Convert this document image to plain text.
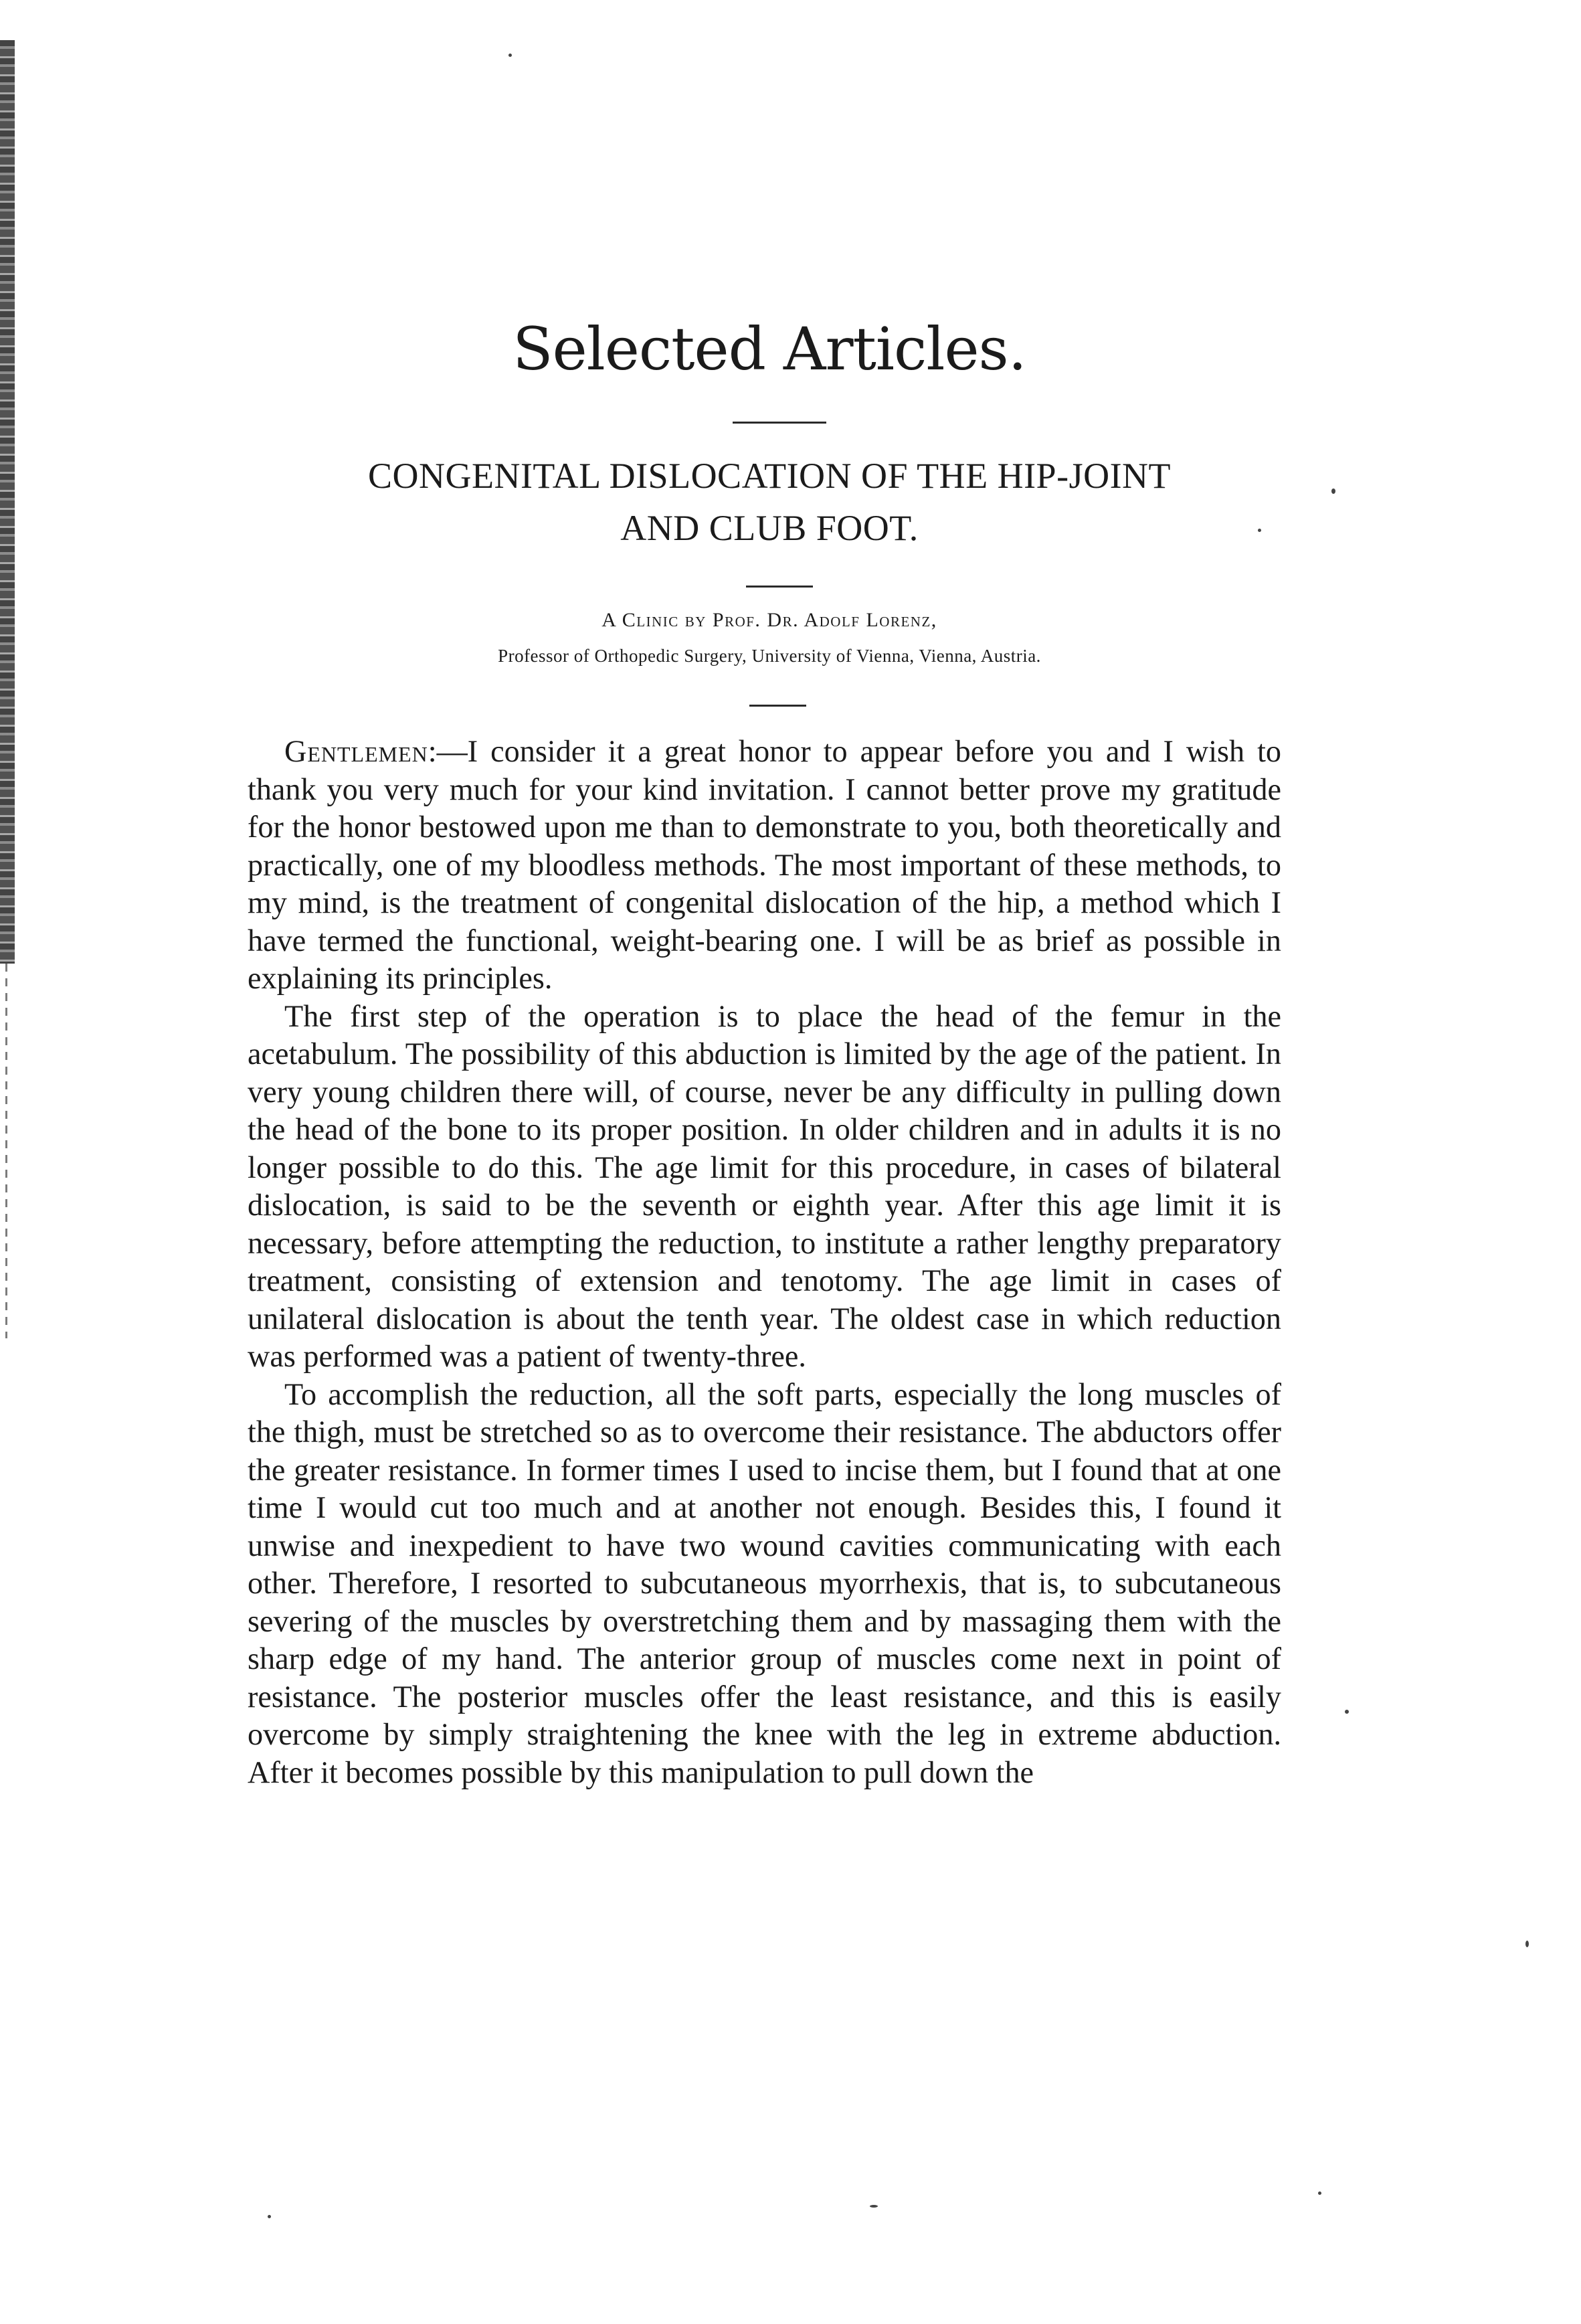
Selected Articles.
CONGENITAL DISLOCATION OF THE HIP-JOINT
AND CLUB FOOT.
A Clinic by Prof. Dr. Adolf Lorenz,
Professor of Orthopedic Surgery, University of Vienna, Vienna, Austria.

Gentlemen:—I consider it a great honor to appear before you and I wish to thank you very much for your kind invitation. I cannot better prove my gratitude for the honor bestowed upon me than to demonstrate to you, both theoretically and practically, one of my bloodless methods. The most important of these methods, to my mind, is the treatment of congenital dislocation of the hip, a method which I have termed the functional, weight-bearing one. I will be as brief as possible in explaining its principles.

The first step of the operation is to place the head of the femur in the acetabulum. The possibility of this abduction is limited by the age of the patient. In very young children there will, of course, never be any difficulty in pulling down the head of the bone to its proper position. In older children and in adults it is no longer possible to do this. The age limit for this procedure, in cases of bilateral dislocation, is said to be the seventh or eighth year. After this age limit it is necessary, before attempting the reduction, to institute a rather lengthy preparatory treatment, consisting of extension and tenotomy. The age limit in cases of unilateral dislocation is about the tenth year. The oldest case in which reduction was performed was a patient of twenty-three.

To accomplish the reduction, all the soft parts, especially the long muscles of the thigh, must be stretched so as to overcome their resistance. The abductors offer the greater resistance. In former times I used to incise them, but I found that at one time I would cut too much and at another not enough. Besides this, I found it unwise and inexpedient to have two wound cavities communicating with each other. Therefore, I resorted to subcutaneous myorrhexis, that is, to subcutaneous severing of the muscles by overstretching them and by massaging them with the sharp edge of my hand. The anterior group of muscles come next in point of resistance. The posterior muscles offer the least resistance, and this is easily overcome by simply straightening the knee with the leg in extreme abduction. After it becomes possible by this manipulation to pull down the
